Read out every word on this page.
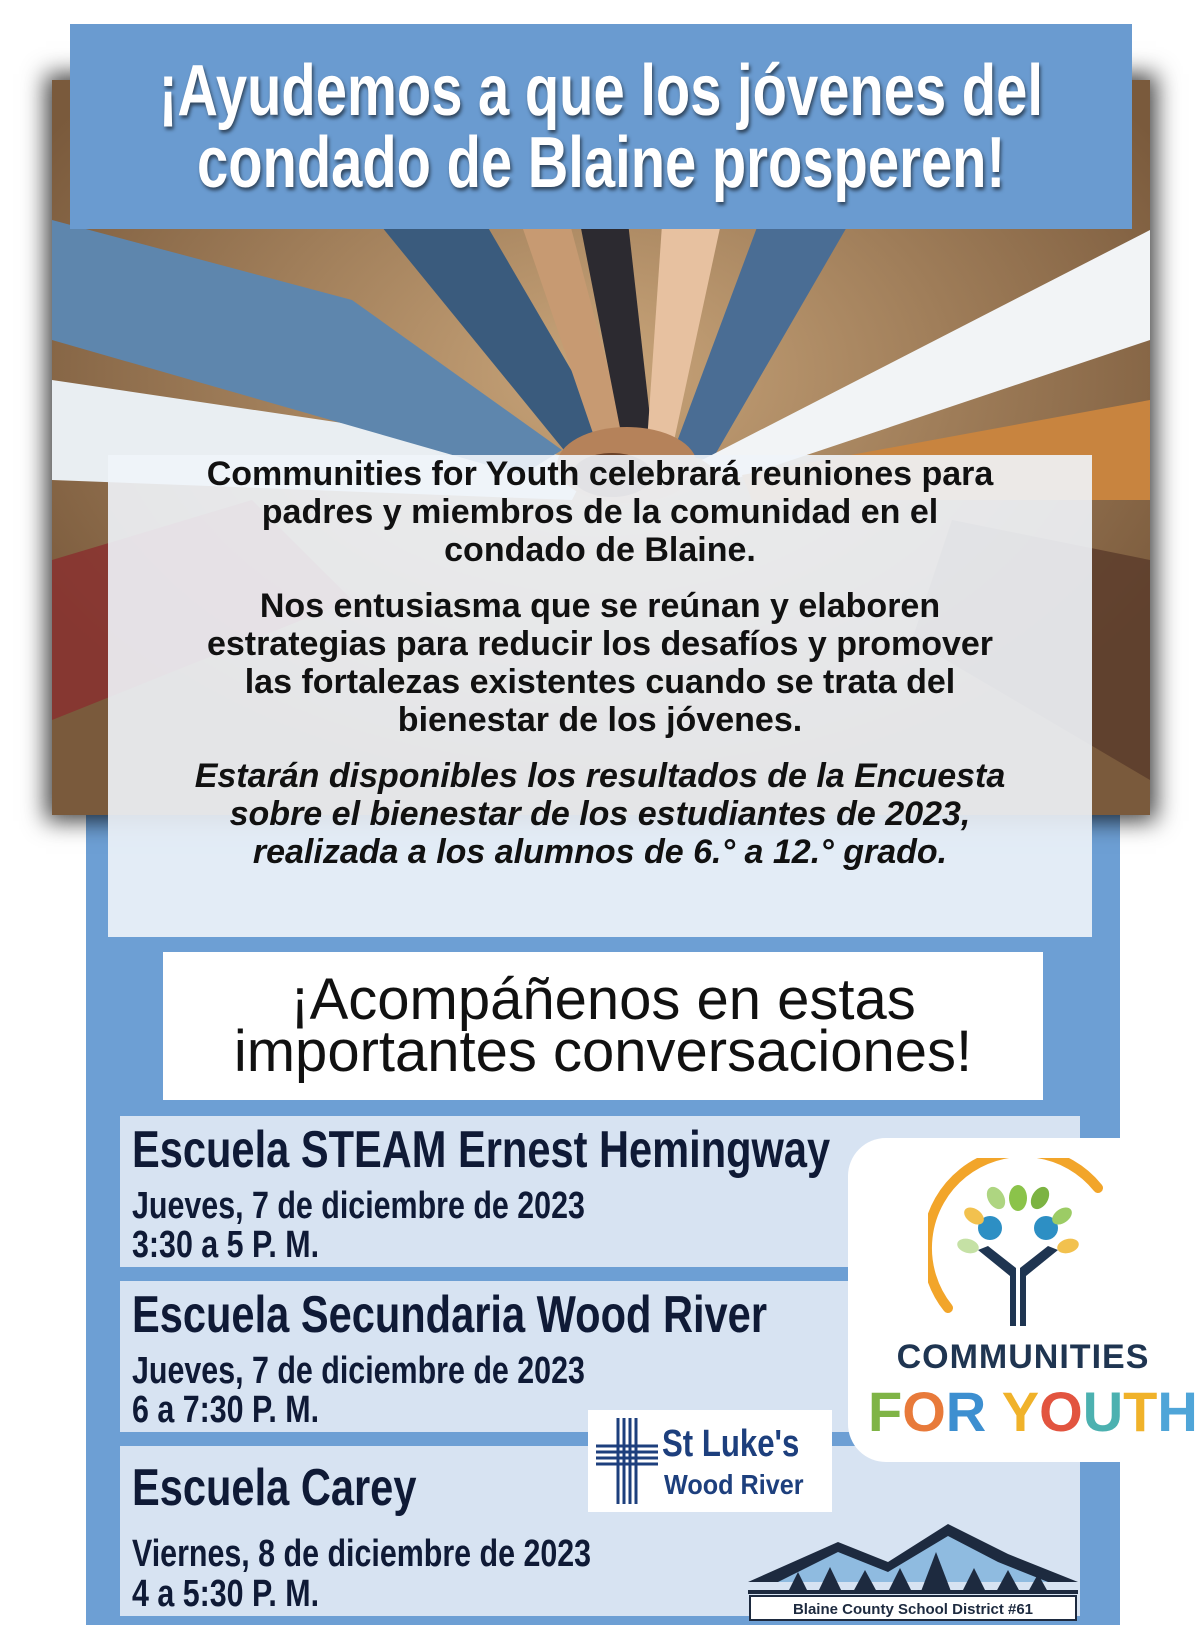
¡Ayudemos a que los jóvenes del
condado de Blaine prosperen!

Communities for Youth celebrará reuniones para
padres y miembros de la comunidad en el
condado de Blaine.

Nos entusiasma que se reúnan y elaboren
estrategias para reducir los desafíos y promover
las fortalezas existentes cuando se trata del
bienestar de los jóvenes.

Estarán disponibles los resultados de la Encuesta
sobre el bienestar de los estudiantes de 2023,
realizada a los alumnos de 6.° a 12.° grado.

¡Acompáñenos en estas
importantes conversaciones!
Escuela STEAM Ernest Hemingway
Jueves, 7 de diciembre de 2023
3:30 a 5 P. M.
Escuela Secundaria Wood River
Jueves, 7 de diciembre de 2023
6 a 7:30 P. M.
Escuela Carey
Viernes, 8 de diciembre de 2023
4 a 5:30 P. M.
COMMUNITIES
FOR YOUTH
St Luke's
Wood River
Blaine County School District #61
